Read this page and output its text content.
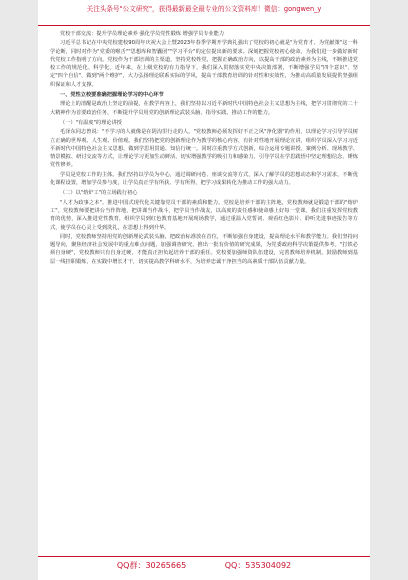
关注头条号"公文研究"，获得最新最全最专业的公文资料库！微信：gongwen_y

党校干部交流：提升学员理论素养 强化学员党性锻炼 增强学员专业能力

习近平总书记在中央党校建校90周年庆祝大会上暨2023年春季学期开学典礼强出了党校的初心就是"为党育才、为党献策"这一科学论断，同时对作为"党委的喉舌""思想库和智囊团""学习平台"的定位提出新的要求。深刻把握党校初心使命，为我们进一步做好新时代党校工作指明了方向。党校作为干部培训的主渠道，坚持党校姓党，把握正确政治方向，以提高干部的政治素养为主线，不断推进党校工作的规范化、科学化。近年来，在上级党校的有力指导下，我们深入贯彻落实党中央决策部署，不断增强学员"四个意识"、坚定"四个自信"、做到"两个维护"，大力弘扬理论联系实际的学风，提高干部教育培训的针对性和实效性，为推动高质量发展提供坚强组织保证和人才支撑。

一、党性立校要准确把握理论学习的中心环节

理论上的清醒是政治上坚定的前提。在教学内容上，我们坚持以习近平新时代中国特色社会主义思想为主线，把学习贯彻党的二十大精神作为首要政治任务，不断提升学员用党的创新理论武装头脑、指导实践、推动工作的能力。

（一）"有温度"的理论讲授

毛泽东同志曾说："不学习的人就像是在阴沟里行走的人。"党校教师必须发挥好不正之风"净化器"的作用，以理论学习引导学员树立正确的世界观、人生观、价值观。我们坚持把党的创新理论作为教学的核心内容，有针对性地开展理论宣讲，组织学员深入学习习近平新时代中国特色社会主义思想，做到学思用贯通、知信行统一。同时注重教学方式创新，综合运用专题讲授、案例分析、现场教学、情景模拟、研讨交流等方式，让理论学习更加生动鲜活，切实增强教学的吸引力和感染力，引导学员在学思践悟中坚定理想信念、锤炼党性修养。

学员是党校工作的主体。我们坚持以学员为中心，通过调研问卷、座谈交流等方式，深入了解学员的思想动态和学习需求，不断优化课程设置，增加学员参与度，让学员真正学有所获、学有所得，把学习成果转化为推动工作的强大动力。

（二）以"熔炉工"的立场践行初心

"人才为政事之本"。推进中国式现代化关键靠党员干部的素质和能力。党校是培养干部的主阵地，党校教师就是锻造干部的"熔炉工"。党校教师要把讲台当作阵地，把讲课当作战斗，把学员当作战友，以高度的责任感和使命感上好每一堂课。我们注重发挥党校教育的优势，深入推进党性教育，组织学员到红色教育基地开展现场教学，通过重温入党誓词、观看红色影片、聆听先进事迹报告等方式，使学员在心灵上受到洗礼，在思想上得到升华。

同时，党校教师坚持用党的创新理论武装头脑，把政治标准放在首位，不断加强自身建设，提高理论水平和教学能力。我们坚持问题导向，聚焦经济社会发展中的重点难点问题，加强调查研究，推出一批有价值的研究成果，为党委政府科学决策提供参考。"打铁必须自身硬"，党校教师只有自身过硬，才能真正担负起培养干部的重任。党校要加强师资队伍建设，完善教师培养机制，鼓励教师到基层一线挂职锻炼，在实践中增长才干，切实提高教学科研水平，为培养忠诚干净担当的高素质干部队伍贡献力量。

QQ群：30265665	QQ：535304092
